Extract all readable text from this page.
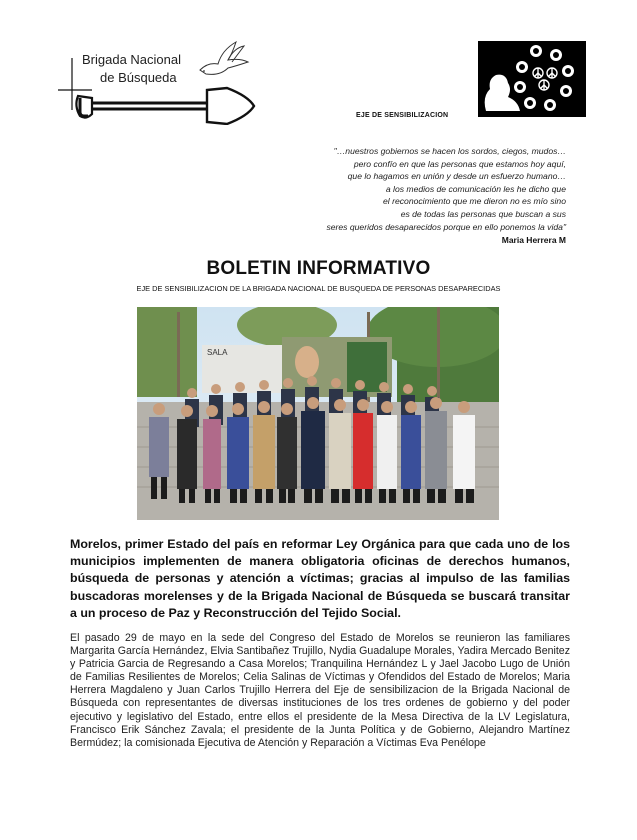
Brigada Nacional
de Búsqueda
EJE DE SENSIBILIZACION
"…nuestros gobiernos se hacen los sordos, ciegos, mudos…
pero confío en que las personas que estamos hoy aquí,
que lo hagamos en unión y desde un esfuerzo humano…
a los medios de comunicación les he dicho que
el reconocimiento que me dieron no es mío sino
es de todas las personas que buscan a sus
seres queridos desaparecidos porque en ello ponemos la vida"
Maria Herrera M
BOLETIN INFORMATIVO
EJE DE SENSIBILIZACION DE LA BRIGADA NACIONAL DE BUSQUEDA DE PERSONAS DESAPARECIDAS
SALA
Morelos, primer Estado del país en reformar Ley Orgánica para que cada uno de los municipios implementen de manera obligatoria oficinas de derechos humanos, búsqueda de personas y atención a víctimas; gracias al impulso de las familias buscadoras morelenses y de la Brigada Nacional de Búsqueda se buscará transitar a un proceso de Paz y Reconstrucción del Tejido Social.
El pasado 29 de mayo en la sede del Congreso del Estado de Morelos se reunieron las familiares Margarita García Hernández, Elvia Santibañez Trujillo, Nydia Guadalupe Morales, Yadira Mercado Benitez y Patricia Garcia de Regresando a Casa Morelos; Tranquilina Hernández L y Jael Jacobo Lugo de Unión de Familias Resilientes de Morelos; Celia Salinas de Víctimas y Ofendidos del Estado de Morelos; Maria Herrera Magdaleno y Juan Carlos Trujillo Herrera del Eje de sensibilizacion de la Brigada Nacional de Búsqueda con representantes de diversas instituciones de los tres ordenes de gobierno y del poder ejecutivo y legislativo del Estado, entre ellos el presidente de la Mesa Directiva de la LV Legislatura, Francisco Erik Sánchez Zavala; el presidente de la Junta Política y de Gobierno, Alejandro Martínez Bermúdez; la comisionada Ejecutiva de Atención y Reparación a Víctimas Eva Penélope
